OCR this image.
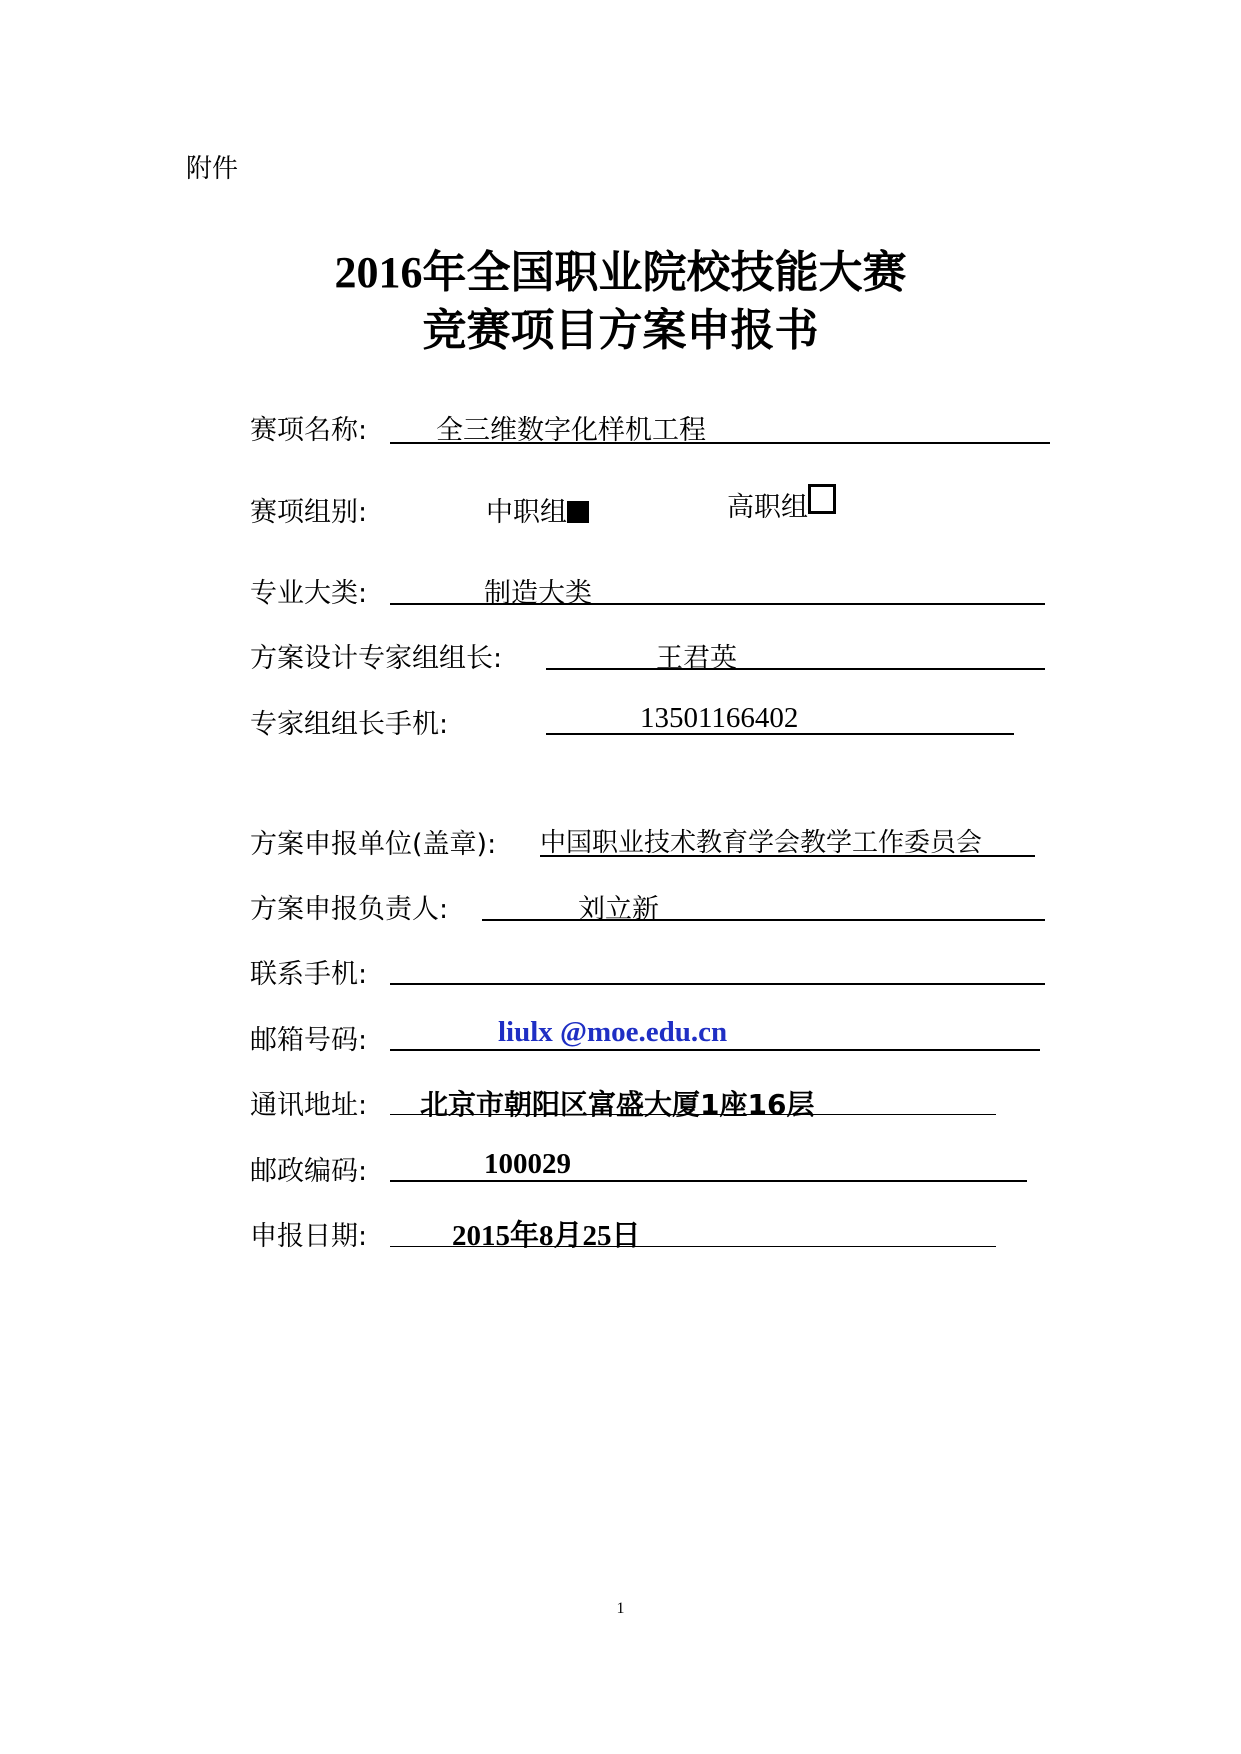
附件
2016年全国职业院校技能大赛
竞赛项目方案申报书
赛项名称:	全三维数字化样机工程
赛项组别:	中职组	高职组
专业大类:	制造大类
方案设计专家组组长:	王君英
专家组组长手机:	13501166402
方案申报单位(盖章): 中国职业技术教育学会教学工作委员会
方案申报负责人:	刘立新
联系手机:
邮箱号码:	liulx @moe.edu.cn
通讯地址: 北京市朝阳区富盛大厦1座16层
邮政编码:	100029
申报日期:	2015年8月25日
1
